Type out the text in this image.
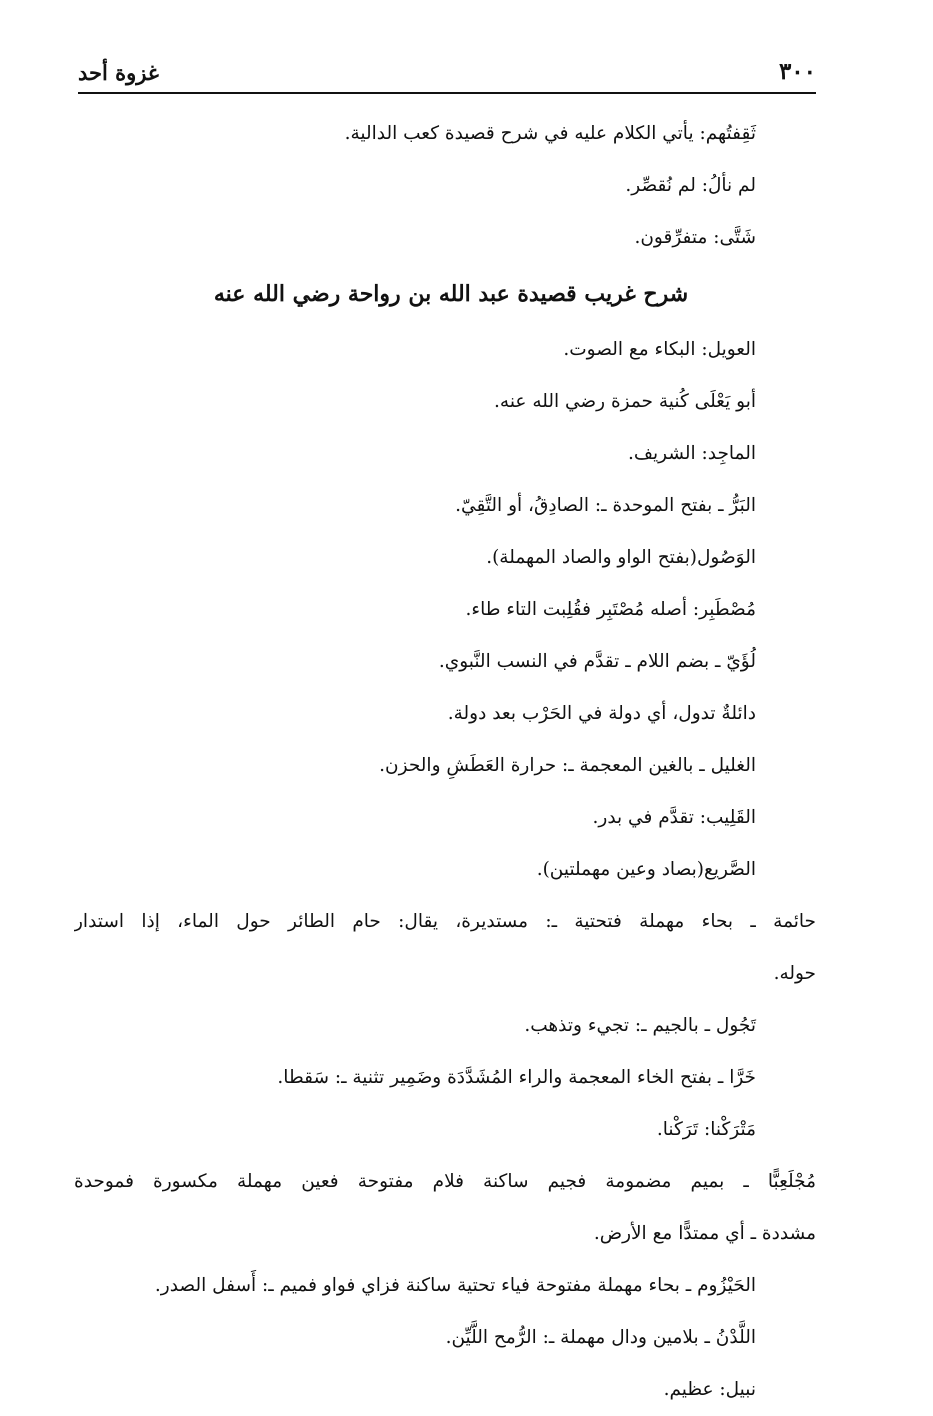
٣٠٠
غزوة أحد
ثَقِفتُهم: يأتي الكلام عليه في شرح قصيدة كعب الدالية.
لم نألُ: لم نُقصِّر.
شَتَّى: متفرِّقون.
شرح غريب قصيدة عبد الله بن رواحة رضي الله عنه
العويل: البكاء مع الصوت.
أبو يَعْلَى كُنية حمزة رضي الله عنه.
الماجِد: الشريف.
البَرُّ ـ بفتح الموحدة ـ: الصادِقُ، أو التَّقِيّ.
الوَصُول(بفتح الواو والصاد المهملة).
مُصْطَبِر: أصله مُصْتَبِر فقُلِبت التاء طاء.
لُؤَيّ ـ بضم اللام ـ تقدَّم في النسب النَّبوي.
دائلةٌ تدول، أي دولة في الحَرْب بعد دولة.
الغليل ـ بالغين المعجمة ـ: حرارة العَطَشِ والحزن.
القَلِيب: تقدَّم في بدر.
الصَّريع(بصاد وعين مهملتين).
حائمة ـ بحاء مهملة فتحتية ـ: مستديرة، يقال: حام الطائر حول الماء، إذا استدار
حوله.
تَجُول ـ بالجيم ـ: تجيء وتذهب.
خَرَّا ـ بفتح الخاء المعجمة والراء المُشَدَّدَة وضَمِير تثنية ـ: سَقطا.
مَتْرَكْنا: تَرَكْنا.
مُجْلَعِبًّا ـ بميم مضمومة فجيم ساكنة فلام مفتوحة فعين مهملة مكسورة فموحدة
مشددة ـ أي ممتدًّا مع الأرض.
الحَيْزُوم ـ بحاء مهملة مفتوحة فياء تحتية ساكنة فزاي فواو فميم ـ: أَسفل الصدر.
اللَّدْنُ ـ بلامين ودال مهملة ـ: الرُّمح اللَّيِّن.
نبيل: عظيم.
